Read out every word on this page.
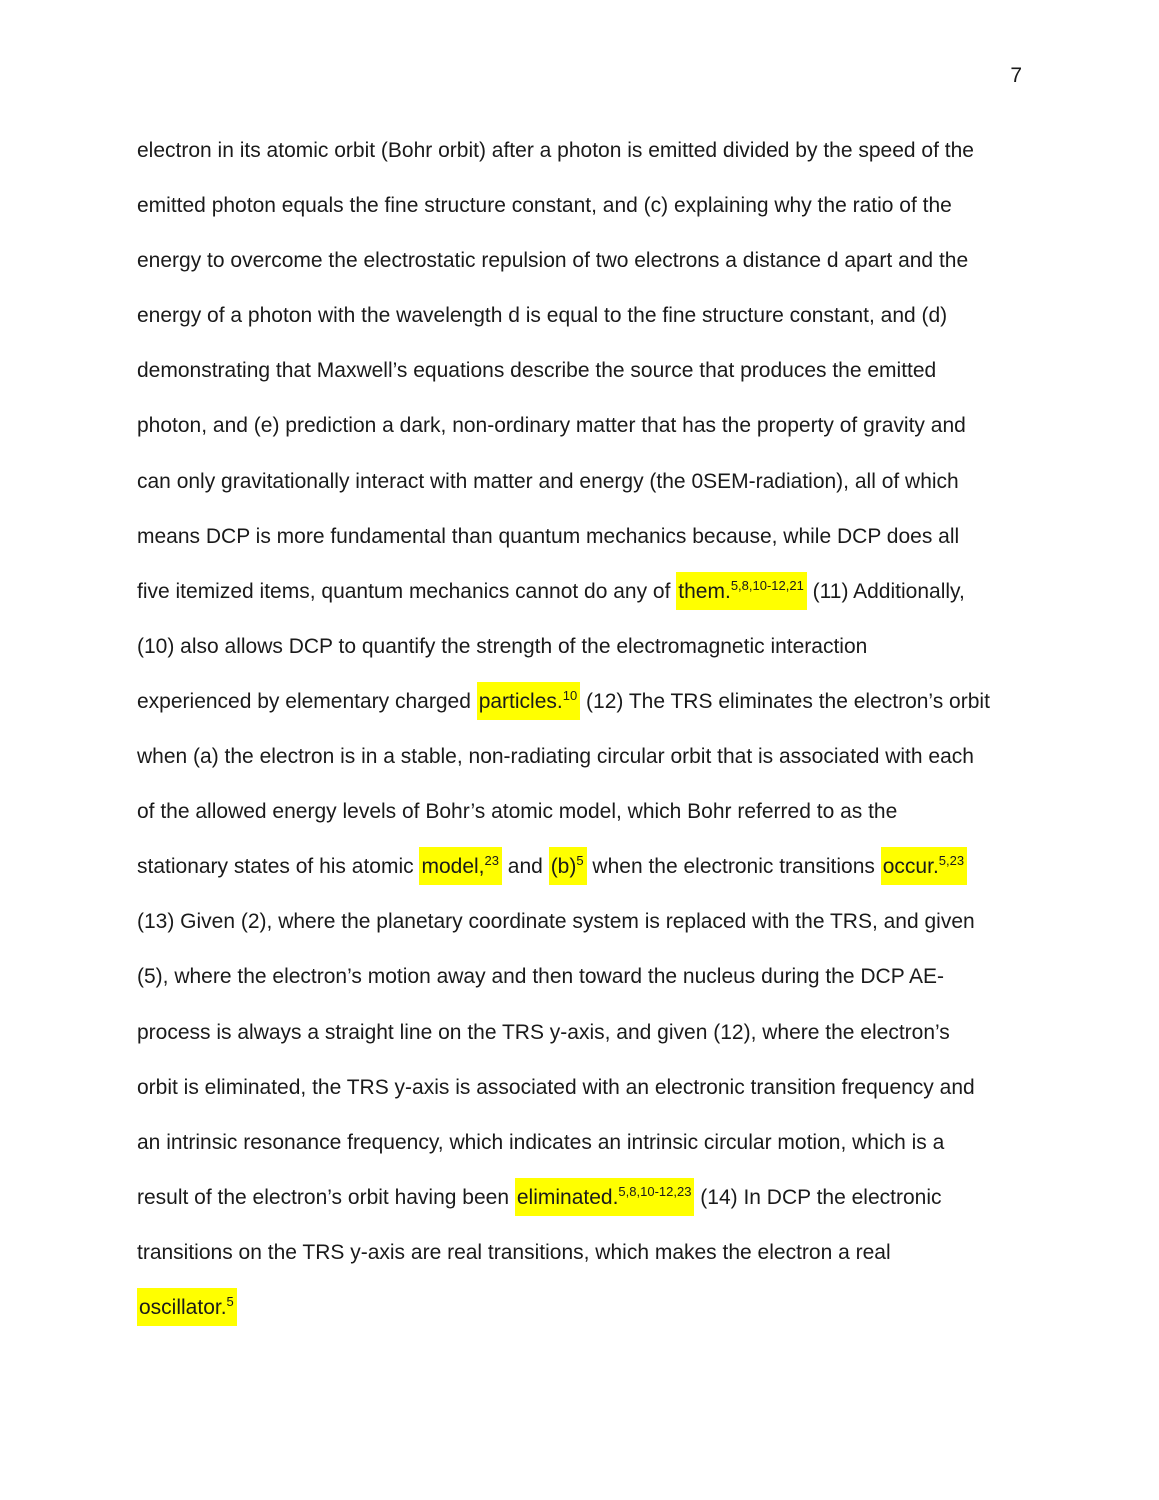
7
electron in its atomic orbit (Bohr orbit) after a photon is emitted divided by the speed of the
emitted photon equals the fine structure constant, and (c) explaining why the ratio of the
energy to overcome the electrostatic repulsion of two electrons a distance d apart and the
energy of a photon with the wavelength d is equal to the fine structure constant, and (d)
demonstrating that Maxwell’s equations describe the source that produces the emitted
photon, and (e) prediction a dark, non-ordinary matter that has the property of gravity and
can only gravitationally interact with matter and energy (the 0SEM-radiation), all of which
means DCP is more fundamental than quantum mechanics because, while DCP does all
five itemized items, quantum mechanics cannot do any of them.$^{5,8,10-12,21}$ (11) Additionally,
(10) also allows DCP to quantify the strength of the electromagnetic interaction
experienced by elementary charged particles.$^{10}$ (12) The TRS eliminates the electron’s orbit
when (a) the electron is in a stable, non-radiating circular orbit that is associated with each
of the allowed energy levels of Bohr’s atomic model, which Bohr referred to as the
stationary states of his atomic model,$^{23}$ and $(b)^5$ when the electronic transitions occur.$^{5,23}$
(13) Given (2), where the planetary coordinate system is replaced with the TRS, and given
(5), where the electron’s motion away and then toward the nucleus during the DCP AE-
process is always a straight line on the TRS y-axis, and given (12), where the electron’s
orbit is eliminated, the TRS y-axis is associated with an electronic transition frequency and
an intrinsic resonance frequency, which indicates an intrinsic circular motion, which is a
result of the electron’s orbit having been eliminated.$^{5,8,10-12,23}$ (14) In DCP the electronic
transitions on the TRS y-axis are real transitions, which makes the electron a real
oscillator.$^5$
